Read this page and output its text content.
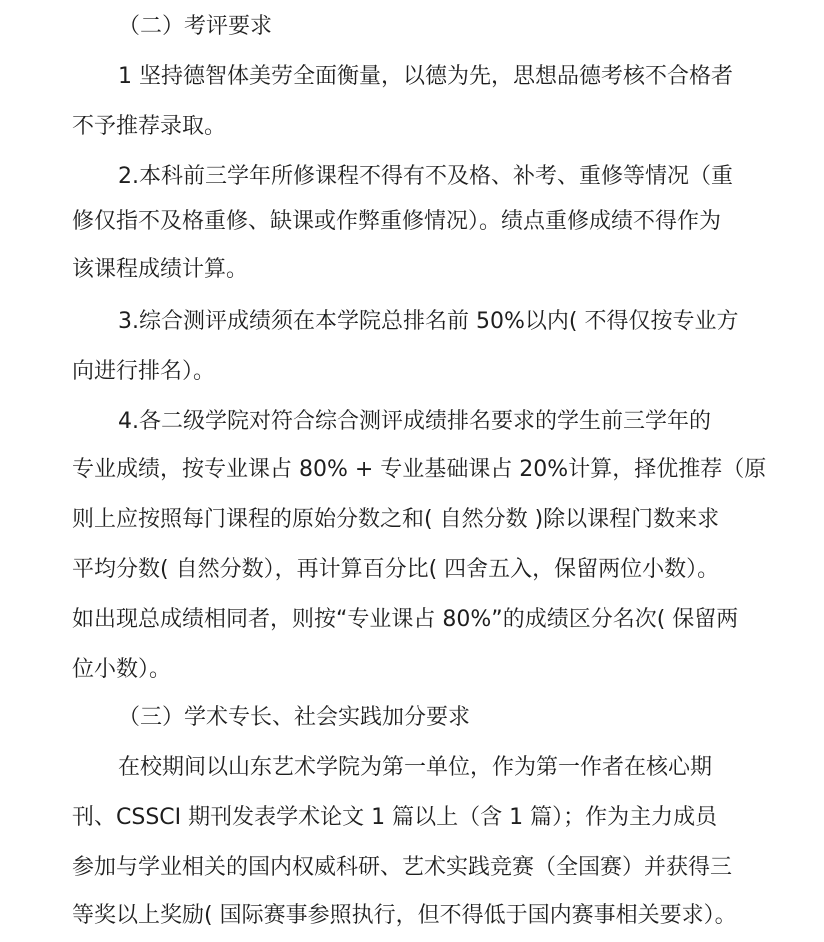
（二）考评要求
1 坚持德智体美劳全面衡量，以德为先，思想品德考核不合格者
不予推荐录取。
2.本科前三学年所修课程不得有不及格、补考、重修等情况（重
修仅指不及格重修、缺课或作弊重修情况）。绩点重修成绩不得作为
该课程成绩计算。
3.综合测评成绩须在本学院总排名前 50%以内( 不得仅按专业方
向进行排名）。
4.各二级学院对符合综合测评成绩排名要求的学生前三学年的
专业成绩，按专业课占 80% + 专业基础课占 20%计算，择优推荐（原
则上应按照每门课程的原始分数之和( 自然分数 )除以课程门数来求
平均分数( 自然分数），再计算百分比( 四舍五入，保留两位小数）。
如出现总成绩相同者，则按“专业课占 80%”的成绩区分名次( 保留两
位小数）。
（三）学术专长、社会实践加分要求
在校期间以山东艺术学院为第一单位，作为第一作者在核心期
刊、CSSCI 期刊发表学术论文 1 篇以上（含 1 篇）；作为主力成员
参加与学业相关的国内权威科研、艺术实践竞赛（全国赛）并获得三
等奖以上奖励( 国际赛事参照执行，但不得低于国内赛事相关要求）。
